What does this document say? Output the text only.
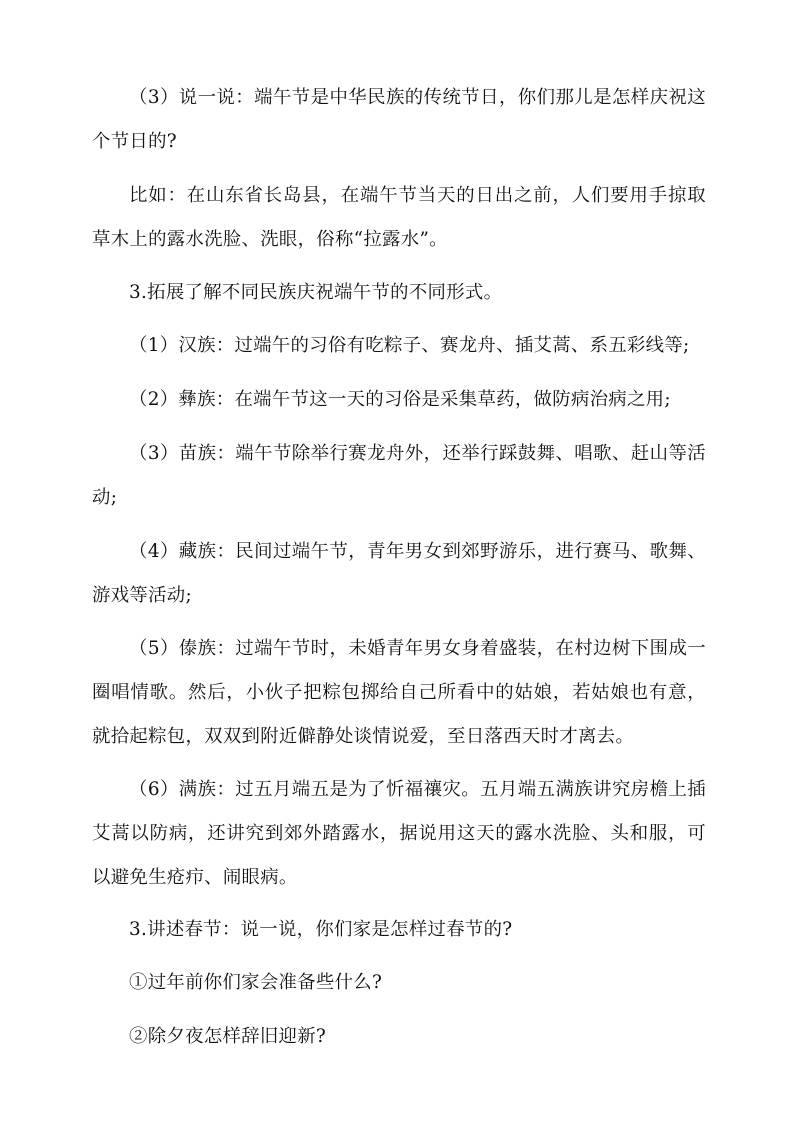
（3）说一说：端午节是中华民族的传统节日，你们那儿是怎样庆祝这个节日的?

比如：在山东省长岛县，在端午节当天的日出之前，人们要用手掠取草木上的露水洗脸、洗眼，俗称“拉露水”。

3.拓展了解不同民族庆祝端午节的不同形式。

（1）汉族：过端午的习俗有吃粽子、赛龙舟、插艾蒿、系五彩线等;

（2）彝族：在端午节这一天的习俗是采集草药，做防病治病之用;

（3）苗族：端午节除举行赛龙舟外，还举行踩鼓舞、唱歌、赶山等活动;

（4）藏族：民间过端午节，青年男女到郊野游乐，进行赛马、歌舞、游戏等活动;

（5）傣族：过端午节时，未婚青年男女身着盛装，在村边树下围成一圈唱情歌。然后，小伙子把粽包掷给自己所看中的姑娘，若姑娘也有意，就拾起粽包，双双到附近僻静处谈情说爱，至日落西天时才离去。

（6）满族：过五月端五是为了忻福禳灾。五月端五满族讲究房檐上插艾蒿以防病，还讲究到郊外踏露水，据说用这天的露水洗脸、头和服，可以避免生疮疖、闹眼病。

3.讲述春节：说一说，你们家是怎样过春节的?

①过年前你们家会准备些什么?

②除夕夜怎样辞旧迎新?
